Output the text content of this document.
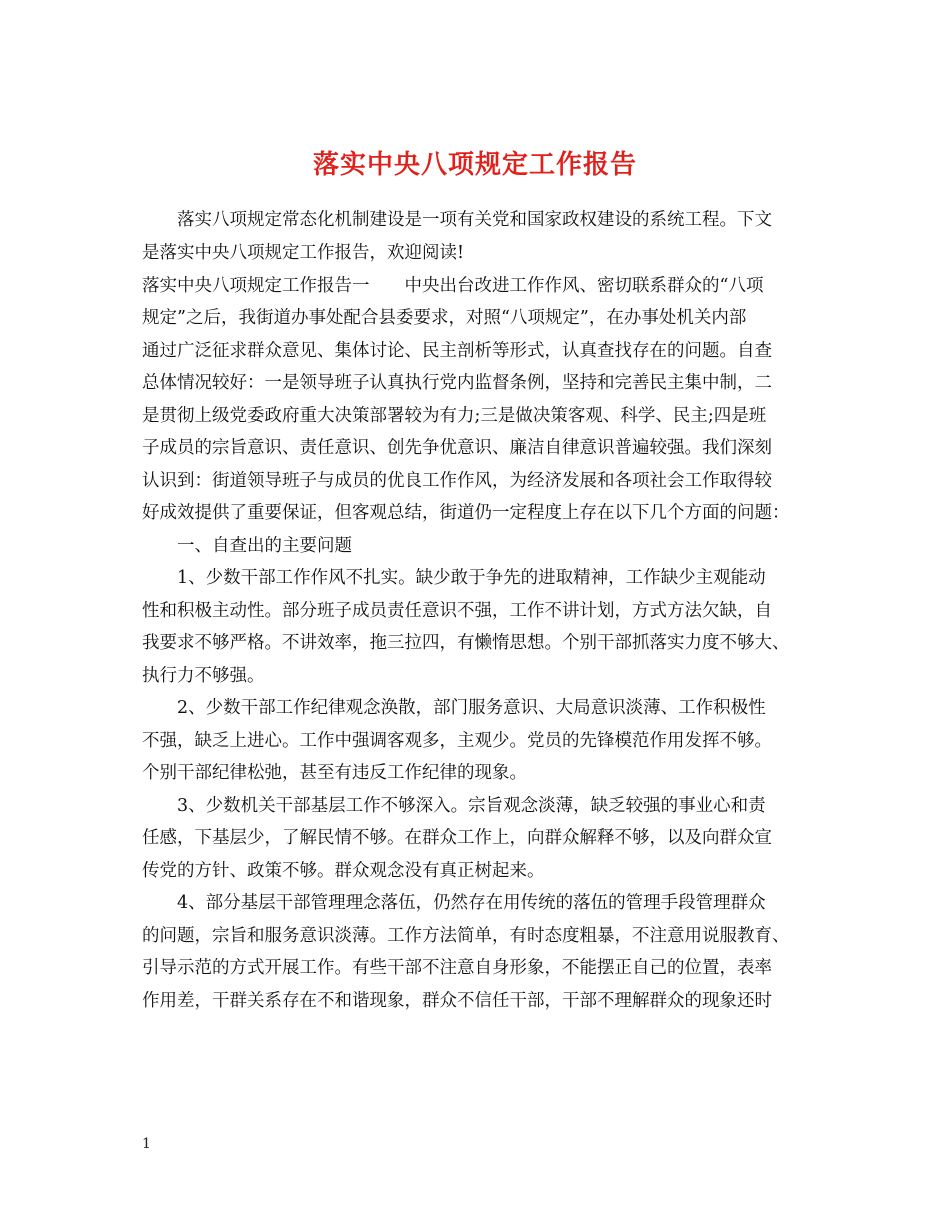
落实中央八项规定工作报告
　　落实八项规定常态化机制建设是一项有关党和国家政权建设的系统工程。下文
是落实中央八项规定工作报告，欢迎阅读!
落实中央八项规定工作报告一　　中央出台改进工作作风、密切联系群众的“八项
规定”之后，我街道办事处配合县委要求，对照“八项规定”，在办事处机关内部
通过广泛征求群众意见、集体讨论、民主剖析等形式，认真查找存在的问题。自查
总体情况较好：一是领导班子认真执行党内监督条例，坚持和完善民主集中制，二
是贯彻上级党委政府重大决策部署较为有力;三是做决策客观、科学、民主;四是班
子成员的宗旨意识、责任意识、创先争优意识、廉洁自律意识普遍较强。我们深刻
认识到：街道领导班子与成员的优良工作作风，为经济发展和各项社会工作取得较
好成效提供了重要保证，但客观总结，街道仍一定程度上存在以下几个方面的问题：
　　一、自查出的主要问题
　　1、少数干部工作作风不扎实。缺少敢于争先的进取精神，工作缺少主观能动
性和积极主动性。部分班子成员责任意识不强，工作不讲计划，方式方法欠缺，自
我要求不够严格。不讲效率，拖三拉四，有懒惰思想。个别干部抓落实力度不够大、
执行力不够强。
　　2、少数干部工作纪律观念涣散，部门服务意识、大局意识淡薄、工作积极性
不强，缺乏上进心。工作中强调客观多，主观少。党员的先锋模范作用发挥不够。
个别干部纪律松弛，甚至有违反工作纪律的现象。
　　3、少数机关干部基层工作不够深入。宗旨观念淡薄，缺乏较强的事业心和责
任感，下基层少，了解民情不够。在群众工作上，向群众解释不够，以及向群众宣
传党的方针、政策不够。群众观念没有真正树起来。
　　4、部分基层干部管理理念落伍，仍然存在用传统的落伍的管理手段管理群众
的问题，宗旨和服务意识淡薄。工作方法简单，有时态度粗暴，不注意用说服教育、
引导示范的方式开展工作。有些干部不注意自身形象，不能摆正自己的位置，表率
作用差，干群关系存在不和谐现象，群众不信任干部，干部不理解群众的现象还时
1
